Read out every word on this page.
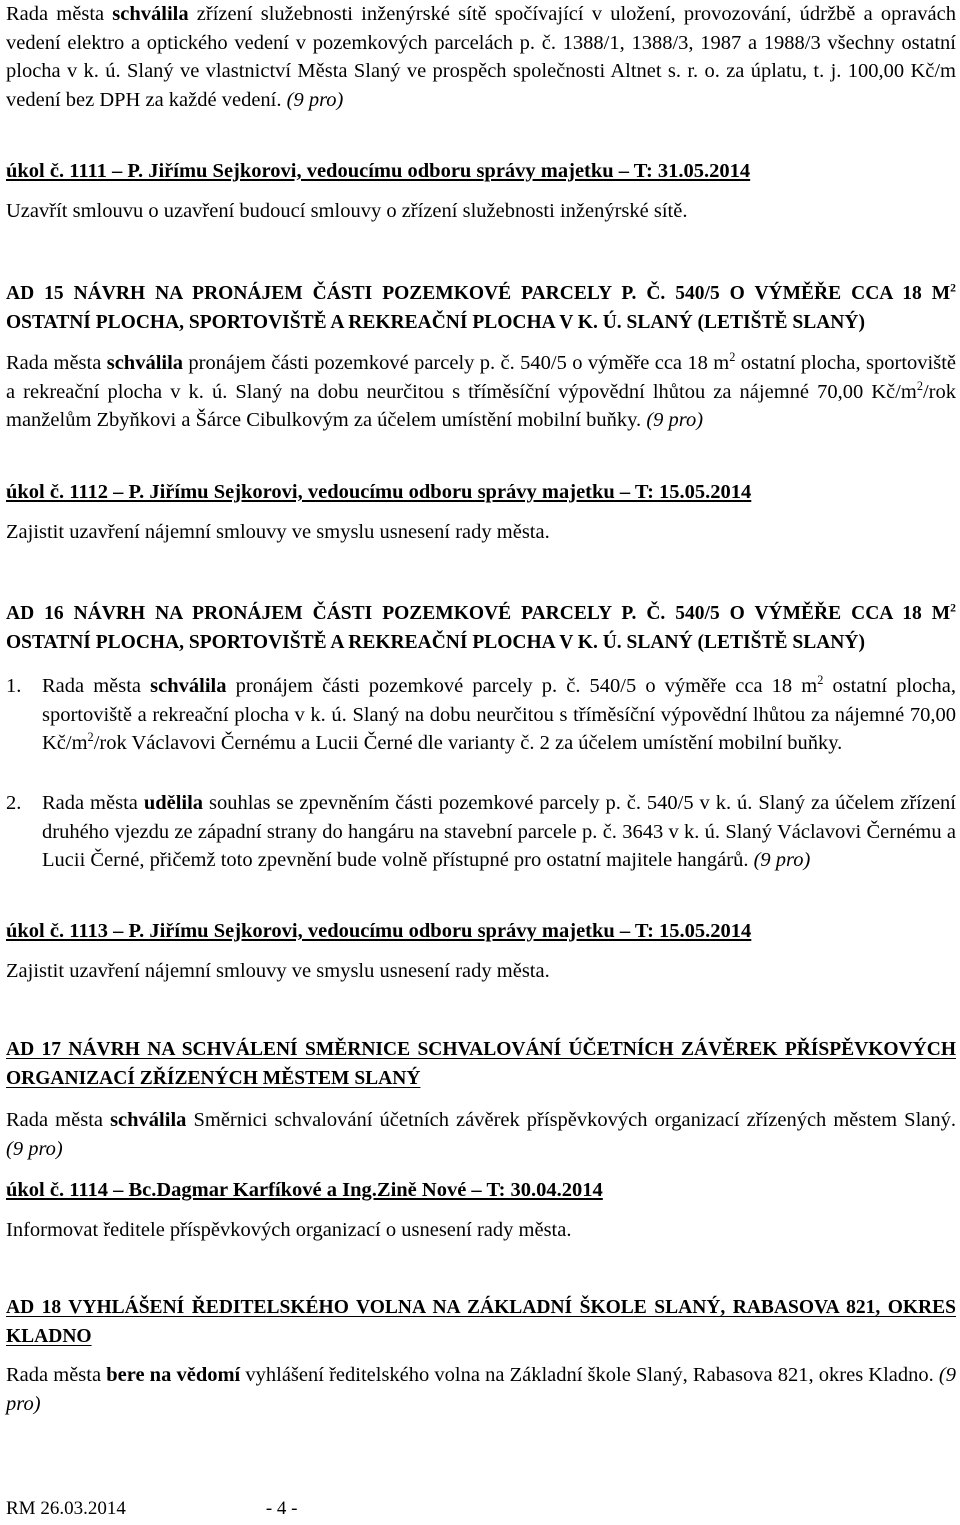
Rada města schválila zřízení služebnosti inženýrské sítě spočívající v uložení, provozování, údržbě a opravách vedení elektro a optického vedení v pozemkových parcelách p. č. 1388/1, 1388/3, 1987 a 1988/3 všechny ostatní plocha v k. ú. Slaný ve vlastnictví Města Slaný ve prospěch společnosti Altnet s. r. o. za úplatu, t. j. 100,00 Kč/m vedení bez DPH za každé vedení. (9 pro)

úkol č. 1111 – P. Jiřímu Sejkorovi, vedoucímu odboru správy majetku – T: 31.05.2014

Uzavřít smlouvu o uzavření budoucí smlouvy o zřízení služebnosti inženýrské sítě.

AD 15 NÁVRH NA PRONÁJEM ČÁSTI POZEMKOVÉ PARCELY P. Č. 540/5 O VÝMĚŘE CCA 18 $M^2$ OSTATNÍ PLOCHA, SPORTOVIŠTĚ A REKREAČNÍ PLOCHA V K. Ú. SLANÝ (LETIŠTĚ SLANÝ)

Rada města schválila pronájem části pozemkové parcely p. č. 540/5 o výměře cca 18 $m^2$ ostatní plocha, sportoviště a rekreační plocha v k. ú. Slaný na dobu neurčitou s tříměsíční výpovědní lhůtou za nájemné 70,00 $Kč/m^2$/rok manželům Zbyňkovi a Šárce Cibulkovým za účelem umístění mobilní buňky. (9 pro)

úkol č. 1112 – P. Jiřímu Sejkorovi, vedoucímu odboru správy majetku – T: 15.05.2014

Zajistit uzavření nájemní smlouvy ve smyslu usnesení rady města.

AD 16 NÁVRH NA PRONÁJEM ČÁSTI POZEMKOVÉ PARCELY P. Č. 540/5 O VÝMĚŘE CCA 18 $M^2$ OSTATNÍ PLOCHA, SPORTOVIŠTĚ A REKREAČNÍ PLOCHA V K. Ú. SLANÝ (LETIŠTĚ SLANÝ)

1.	Rada města schválila pronájem části pozemkové parcely p. č. 540/5 o výměře cca 18 $m^2$ ostatní plocha, sportoviště a rekreační plocha v k. ú. Slaný na dobu neurčitou s tříměsíční výpovědní lhůtou za nájemné 70,00 $Kč/m^2$/rok Václavovi Černému a Lucii Černé dle varianty č. 2 za účelem umístění mobilní buňky.

2.	Rada města udělila souhlas se zpevněním části pozemkové parcely p. č. 540/5 v k. ú. Slaný za účelem zřízení druhého vjezdu ze západní strany do hangáru na stavební parcele p. č. 3643 v k. ú. Slaný Václavovi Černému a Lucii Černé, přičemž toto zpevnění bude volně přístupné pro ostatní majitele hangárů. (9 pro)

úkol č. 1113 – P. Jiřímu Sejkorovi, vedoucímu odboru správy majetku – T: 15.05.2014

Zajistit uzavření nájemní smlouvy ve smyslu usnesení rady města.

AD 17 NÁVRH NA SCHVÁLENÍ SMĚRNICE SCHVALOVÁNÍ ÚČETNÍCH ZÁVĚREK PŘÍSPĚVKOVÝCH ORGANIZACÍ ZŘÍZENÝCH MĚSTEM SLANÝ

Rada města schválila Směrnici schvalování účetních závěrek příspěvkových organizací zřízených městem Slaný. (9 pro)

úkol č. 1114 – Bc.Dagmar Karfíkové a Ing.Zině Nové – T: 30.04.2014

Informovat ředitele příspěvkových organizací o usnesení rady města.

AD 18 VYHLÁŠENÍ ŘEDITELSKÉHO VOLNA NA ZÁKLADNÍ ŠKOLE SLANÝ, RABASOVA 821, OKRES KLADNO

Rada města bere na vědomí vyhlášení ředitelského volna na Základní škole Slaný, Rabasova 821, okres Kladno. (9 pro)

RM 26.03.2014	- 4 -
